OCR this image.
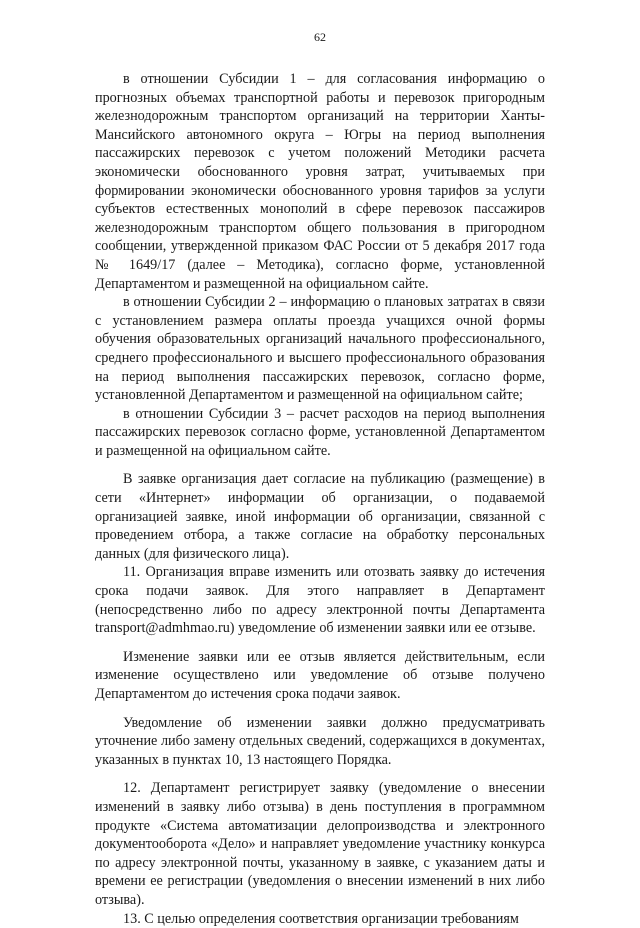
62

в отношении Субсидии 1 – для согласования информацию о прогнозных объемах транспортной работы и перевозок пригородным железнодорожным транспортом организаций на территории Ханты-Мансийского автономного округа – Югры на период выполнения пассажирских перевозок с учетом положений Методики расчета экономически обоснованного уровня затрат, учитываемых при формировании экономически обоснованного уровня тарифов за услуги субъектов естественных монополий в сфере перевозок пассажиров железнодорожным транспортом общего пользования в пригородном сообщении, утвержденной приказом ФАС России от 5 декабря 2017 года № 1649/17 (далее – Методика), согласно форме, установленной Департаментом и размещенной на официальном сайте.

в отношении Субсидии 2 – информацию о плановых затратах в связи с установлением размера оплаты проезда учащихся очной формы обучения образовательных организаций начального профессионального, среднего профессионального и высшего профессионального образования на период выполнения пассажирских перевозок, согласно форме, установленной Департаментом и размещенной на официальном сайте;

в отношении Субсидии 3 – расчет расходов на период выполнения пассажирских перевозок согласно форме, установленной Департаментом и размещенной на официальном сайте.

В заявке организация дает согласие на публикацию (размещение) в сети «Интернет» информации об организации, о подаваемой организацией заявке, иной информации об организации, связанной с проведением отбора, а также согласие на обработку персональных данных (для физического лица).

11. Организация вправе изменить или отозвать заявку до истечения срока подачи заявок. Для этого направляет в Департамент (непосредственно либо по адресу электронной почты Департамента transport@admhmao.ru) уведомление об изменении заявки или ее отзыве.

Изменение заявки или ее отзыв является действительным, если изменение осуществлено или уведомление об отзыве получено Департаментом до истечения срока подачи заявок.

Уведомление об изменении заявки должно предусматривать уточнение либо замену отдельных сведений, содержащихся в документах, указанных в пунктах 10, 13 настоящего Порядка.

12. Департамент регистрирует заявку (уведомление о внесении изменений в заявку либо отзыва) в день поступления в программном продукте «Система автоматизации делопроизводства и электронного документооборота «Дело» и направляет уведомление участнику конкурса по адресу электронной почты, указанному в заявке, с указанием даты и времени ее регистрации (уведомления о внесении изменений в них либо отзыва).

13. С целью определения соответствия организации требованиям
